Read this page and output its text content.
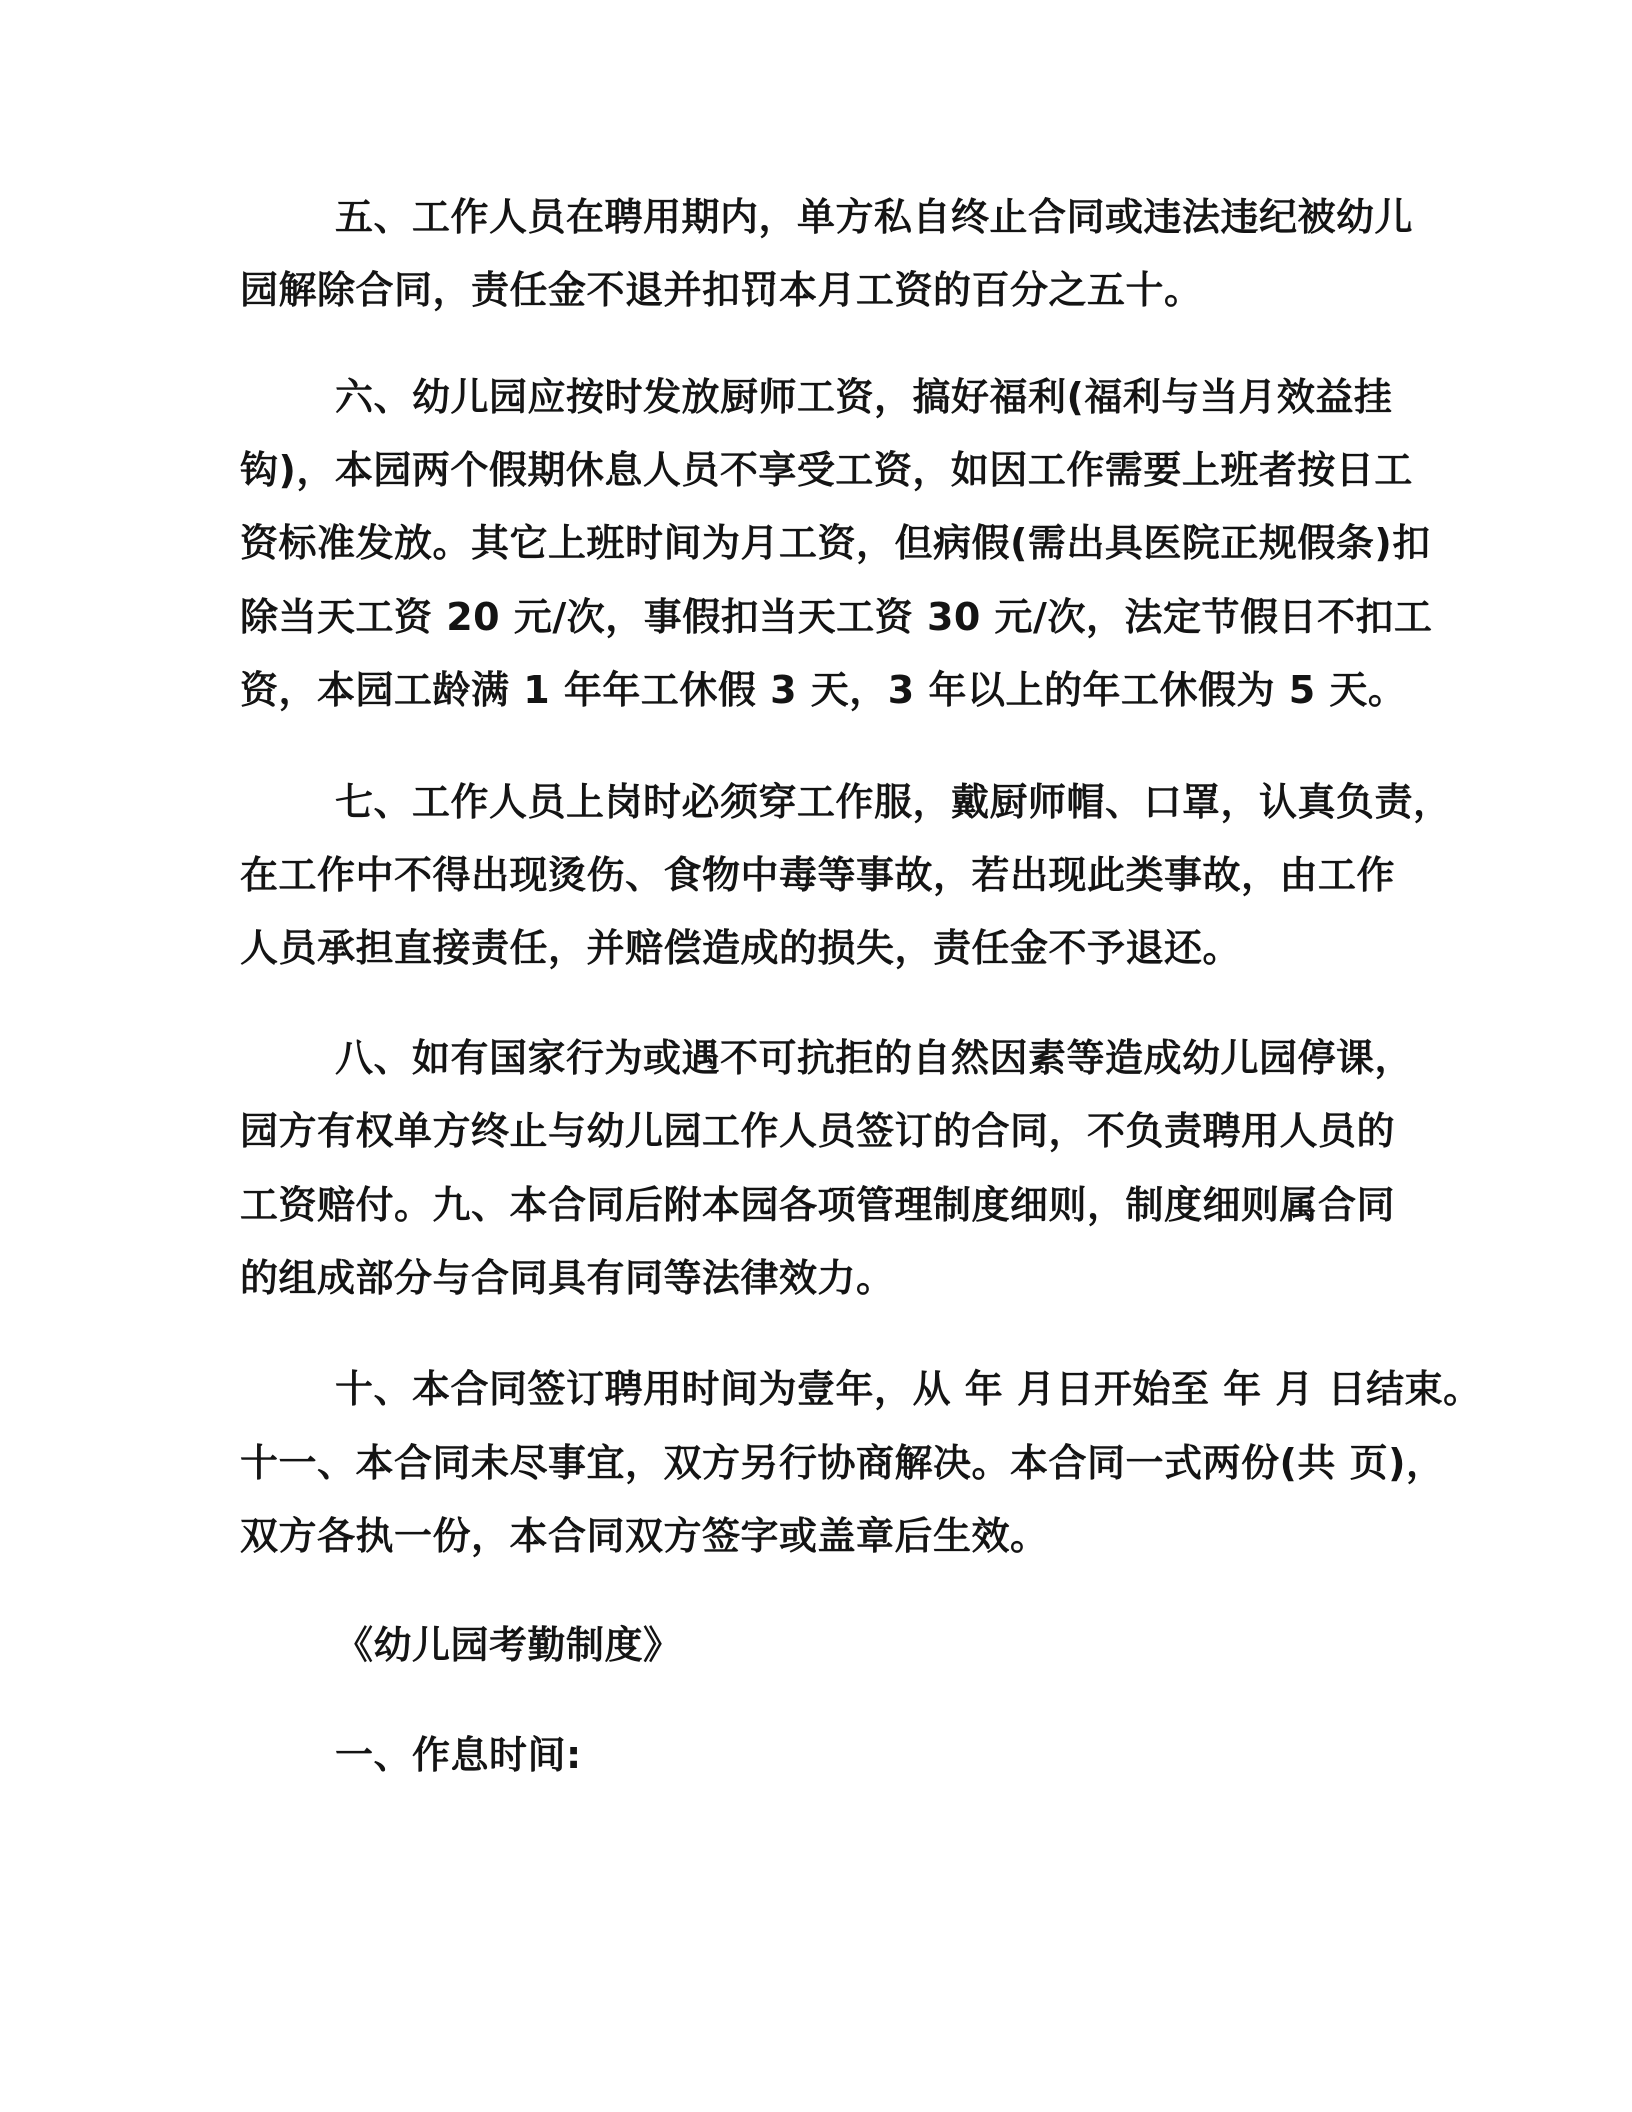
五、工作人员在聘用期内，单方私自终止合同或违法违纪被幼儿
园解除合同，责任金不退并扣罚本月工资的百分之五十。
六、幼儿园应按时发放厨师工资，搞好福利(福利与当月效益挂
钩)，本园两个假期休息人员不享受工资，如因工作需要上班者按日工
资标准发放。其它上班时间为月工资，但病假(需出具医院正规假条)扣
除当天工资 20 元/次，事假扣当天工资 30 元/次，法定节假日不扣工
资，本园工龄满 1 年年工休假 3 天，3 年以上的年工休假为 5 天。
七、工作人员上岗时必须穿工作服，戴厨师帽、口罩，认真负责，
在工作中不得出现烫伤、食物中毒等事故，若出现此类事故，由工作
人员承担直接责任，并赔偿造成的损失，责任金不予退还。
八、如有国家行为或遇不可抗拒的自然因素等造成幼儿园停课，
园方有权单方终止与幼儿园工作人员签订的合同，不负责聘用人员的
工资赔付。九、本合同后附本园各项管理制度细则，制度细则属合同
的组成部分与合同具有同等法律效力。
十、本合同签订聘用时间为壹年，从 年 月日开始至 年 月 日结束。
十一、本合同未尽事宜，双方另行协商解决。本合同一式两份(共 页)，
双方各执一份，本合同双方签字或盖章后生效。
《幼儿园考勤制度》
一、作息时间:
